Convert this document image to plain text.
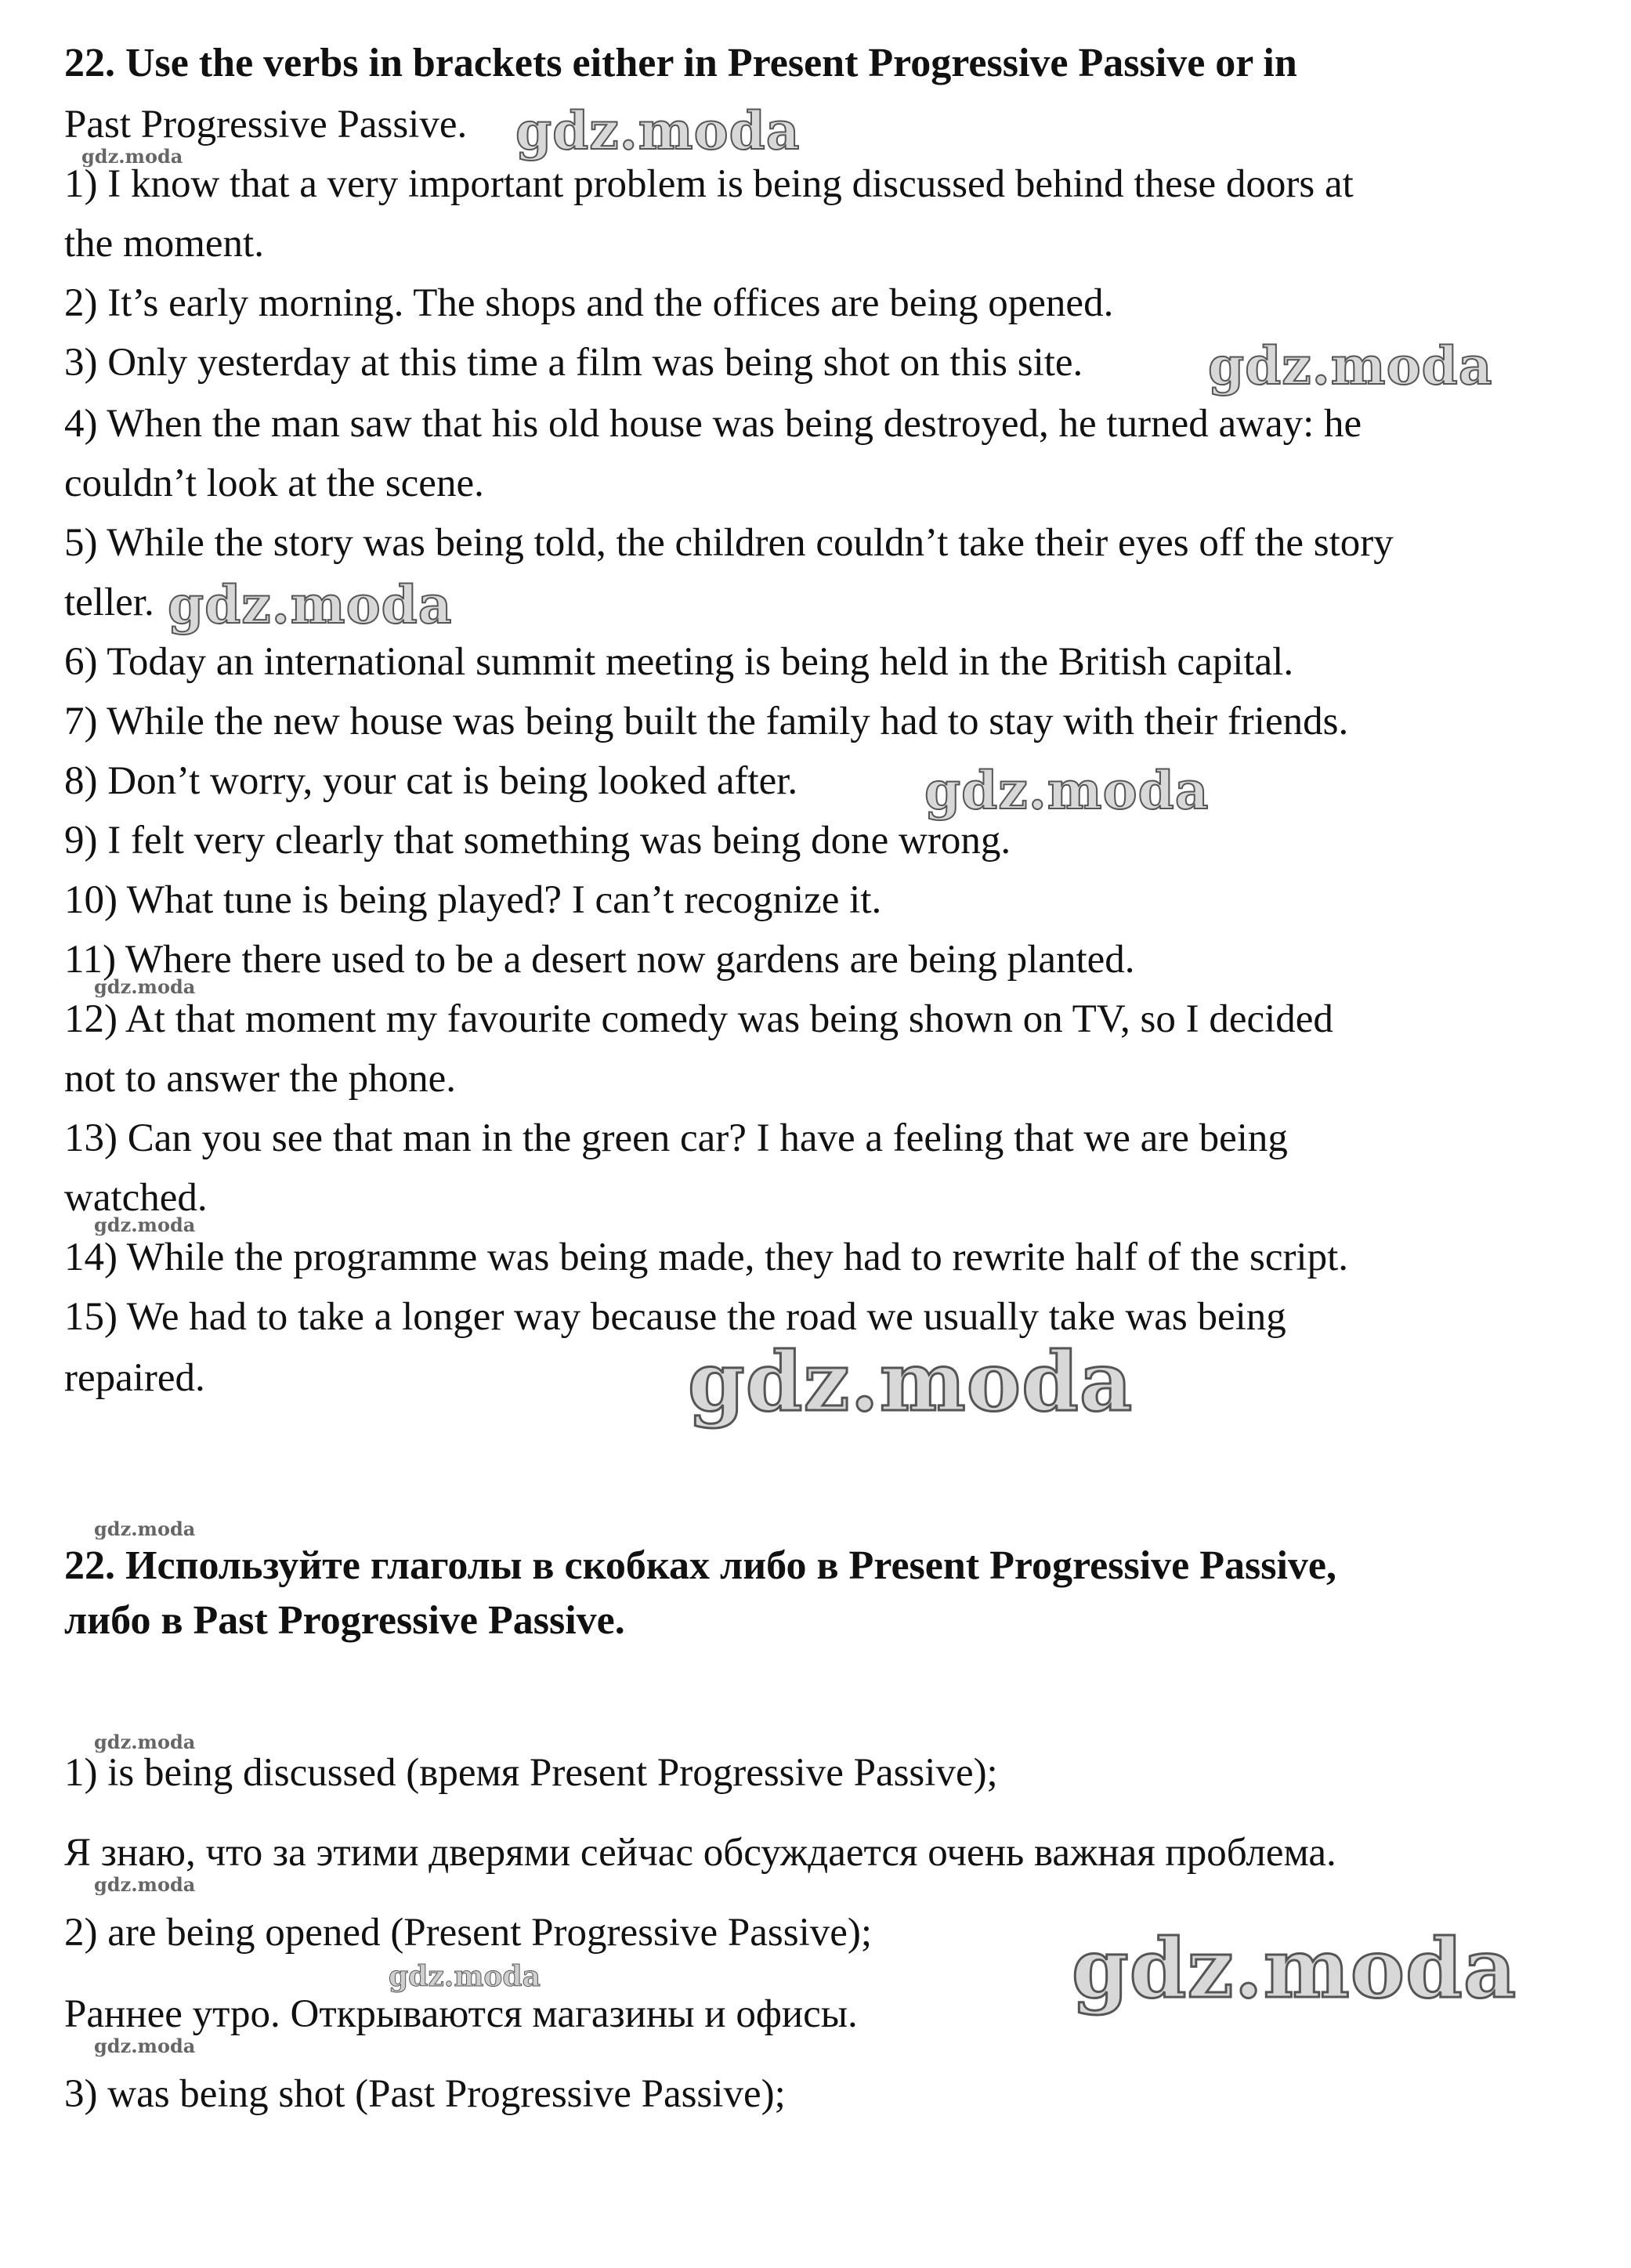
22. Use the verbs in brackets either in Present Progressive Passive or in
Past Progressive Passive.
1) I know that a very important problem is being discussed behind these doors at
the moment.
2) It’s early morning. The shops and the offices are being opened.
3) Only yesterday at this time a film was being shot on this site.
4) When the man saw that his old house was being destroyed, he turned away: he
couldn’t look at the scene.
5) While the story was being told, the children couldn’t take their eyes off the story
teller.
6) Today an international summit meeting is being held in the British capital.
7) While the new house was being built the family had to stay with their friends.
8) Don’t worry, your cat is being looked after.
9) I felt very clearly that something was being done wrong.
10) What tune is being played? I can’t recognize it.
11) Where there used to be a desert now gardens are being planted.
12) At that moment my favourite comedy was being shown on TV, so I decided
not to answer the phone.
13) Can you see that man in the green car? I have a feeling that we are being
watched.
14) While the programme was being made, they had to rewrite half of the script.
15) We had to take a longer way because the road we usually take was being
repaired.
22. Используйте глаголы в скобках либо в Present Progressive Passive,
либо в Past Progressive Passive.
1) is being discussed (время Present Progressive Passive);
Я знаю, что за этими дверями сейчас обсуждается очень важная проблема.
2) are being opened (Present Progressive Passive);
Раннее утро. Открываются магазины и офисы.
3) was being shot (Past Progressive Passive);
gdz.moda
gdz.moda
gdz.moda
gdz.moda
gdz.moda
gdz.moda
gdz.moda
gdz.moda
gdz.moda
gdz.moda
gdz.moda
gdz.moda	gdz.moda
gdz.moda
